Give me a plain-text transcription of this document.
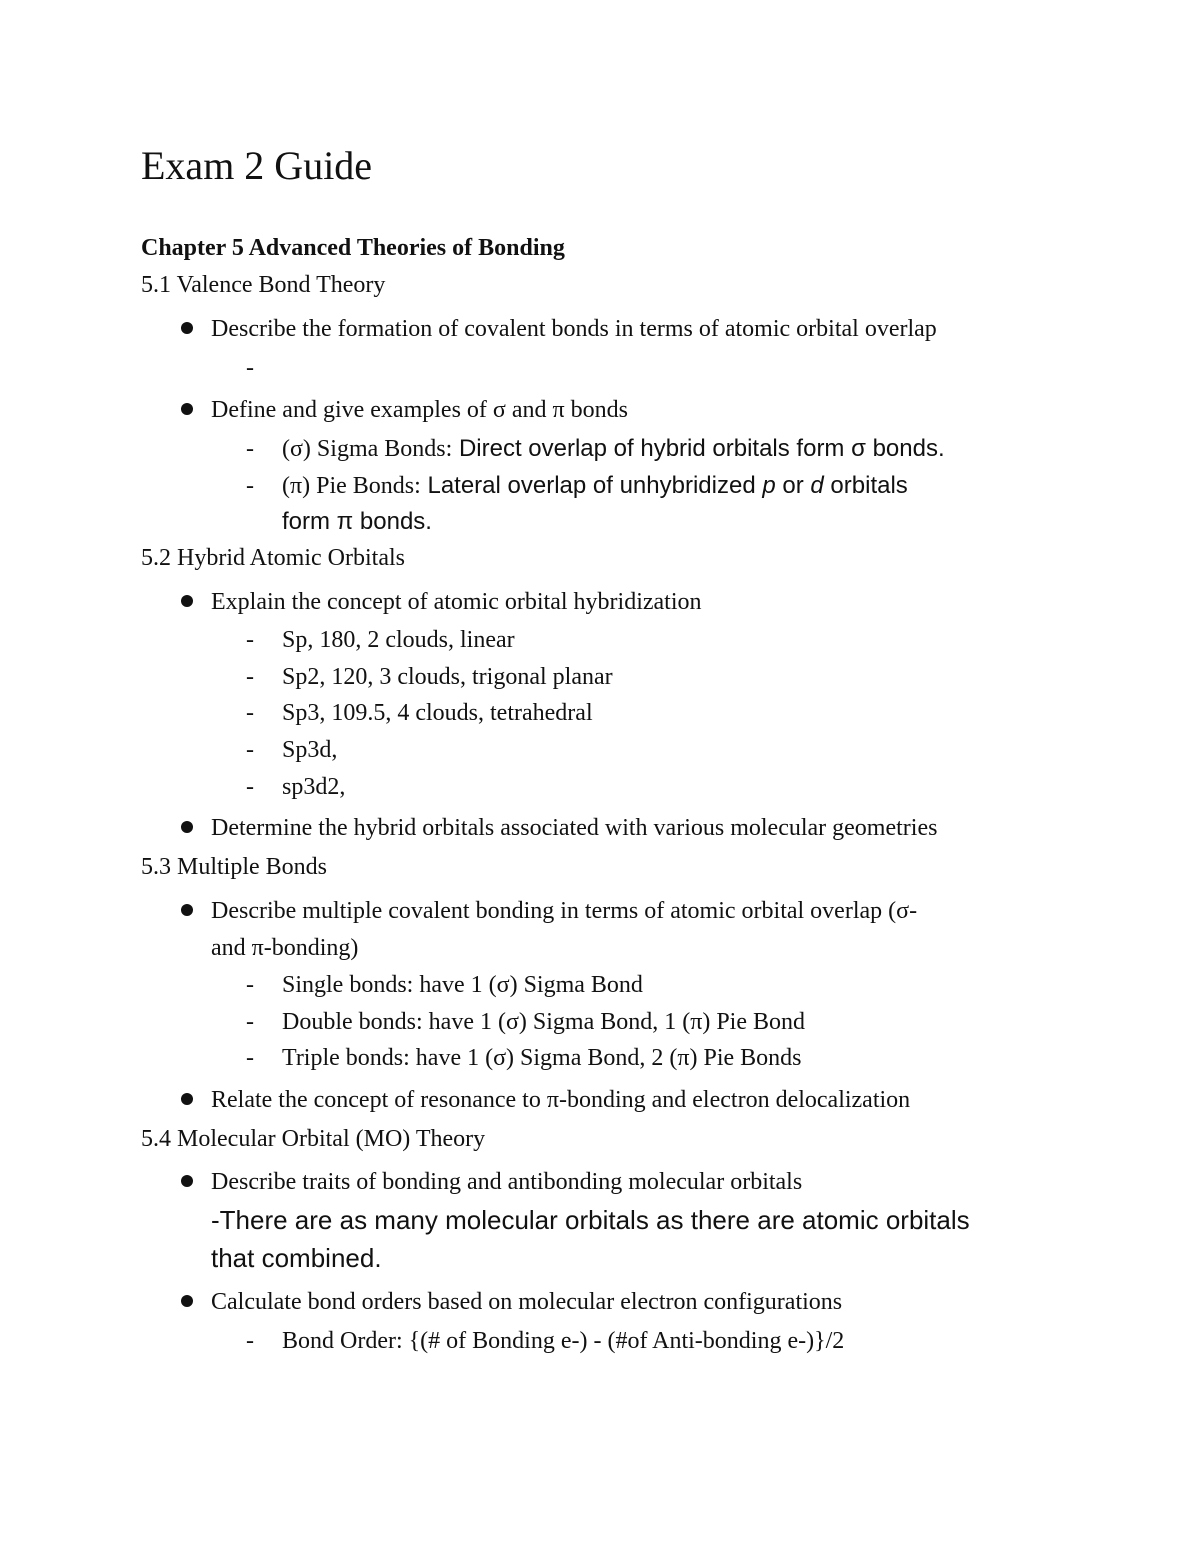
Exam 2 Guide
Chapter 5 Advanced Theories of Bonding
5.1 Valence Bond Theory
Describe the formation of covalent bonds in terms of atomic orbital overlap
-
Define and give examples of σ and π bonds
- (σ) Sigma Bonds: Direct overlap of hybrid orbitals form σ bonds.
- (π) Pie Bonds: Lateral overlap of unhybridized p or d orbitals
form π bonds.
5.2 Hybrid Atomic Orbitals
Explain the concept of atomic orbital hybridization
- Sp, 180, 2 clouds, linear
- Sp2, 120, 3 clouds, trigonal planar
- Sp3, 109.5, 4 clouds, tetrahedral
- Sp3d,
- sp3d2,
Determine the hybrid orbitals associated with various molecular geometries
5.3 Multiple Bonds
Describe multiple covalent bonding in terms of atomic orbital overlap (σ-
and π-bonding)
- Single bonds: have 1 (σ) Sigma Bond
- Double bonds: have 1 (σ) Sigma Bond, 1 (π) Pie Bond
- Triple bonds: have 1 (σ) Sigma Bond, 2 (π) Pie Bonds
Relate the concept of resonance to π-bonding and electron delocalization
5.4 Molecular Orbital (MO) Theory
Describe traits of bonding and antibonding molecular orbitals
-There are as many molecular orbitals as there are atomic orbitals
that combined.
Calculate bond orders based on molecular electron configurations
- Bond Order: {(# of Bonding e-) - (#of Anti-bonding e-)}/2
